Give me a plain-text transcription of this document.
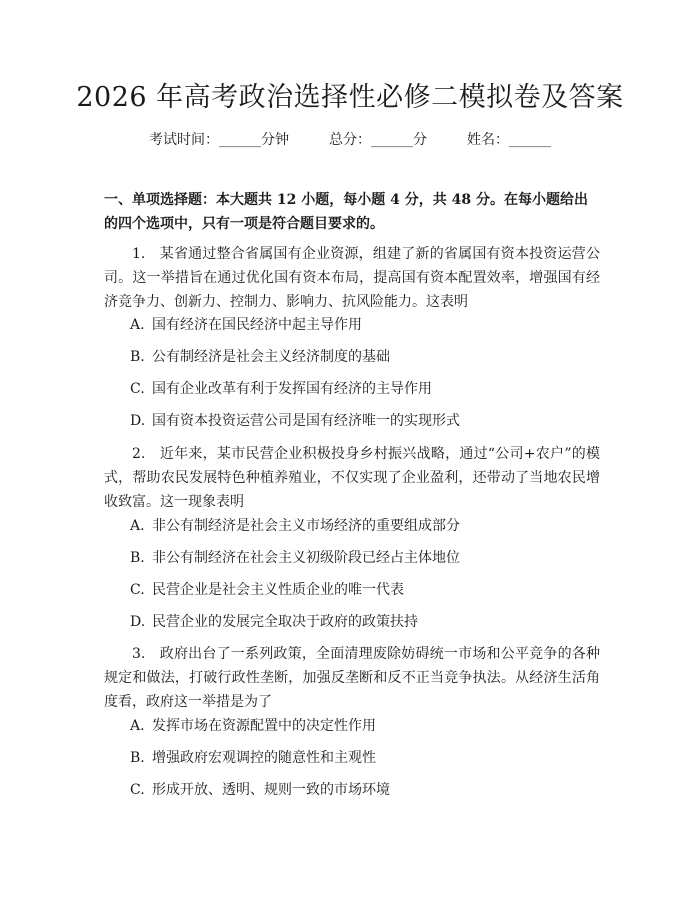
2026 年高考政治选择性必修二模拟卷及答案
考试时间：______分钟	总分：______分	姓名：______

一、单项选择题：本大题共 12 小题，每小题 4 分，共 48 分。在每小题给出的四个选项中，只有一项是符合题目要求的。

1.　某省通过整合省属国有企业资源，组建了新的省属国有资本投资运营公司。这一举措旨在通过优化国有资本布局，提高国有资本配置效率，增强国有经济竞争力、创新力、控制力、影响力、抗风险能力。这表明

A. 国有经济在国民经济中起主导作用
B. 公有制经济是社会主义经济制度的基础
C. 国有企业改革有利于发挥国有经济的主导作用
D. 国有资本投资运营公司是国有经济唯一的实现形式

2.　近年来，某市民营企业积极投身乡村振兴战略，通过“公司+农户”的模式，帮助农民发展特色种植养殖业，不仅实现了企业盈利，还带动了当地农民增收致富。这一现象表明

A. 非公有制经济是社会主义市场经济的重要组成部分
B. 非公有制经济在社会主义初级阶段已经占主体地位
C. 民营企业是社会主义性质企业的唯一代表
D. 民营企业的发展完全取决于政府的政策扶持

3.　政府出台了一系列政策，全面清理废除妨碍统一市场和公平竞争的各种规定和做法，打破行政性垄断，加强反垄断和反不正当竞争执法。从经济生活角度看，政府这一举措是为了

A. 发挥市场在资源配置中的决定性作用
B. 增强政府宏观调控的随意性和主观性
C. 形成开放、透明、规则一致的市场环境
